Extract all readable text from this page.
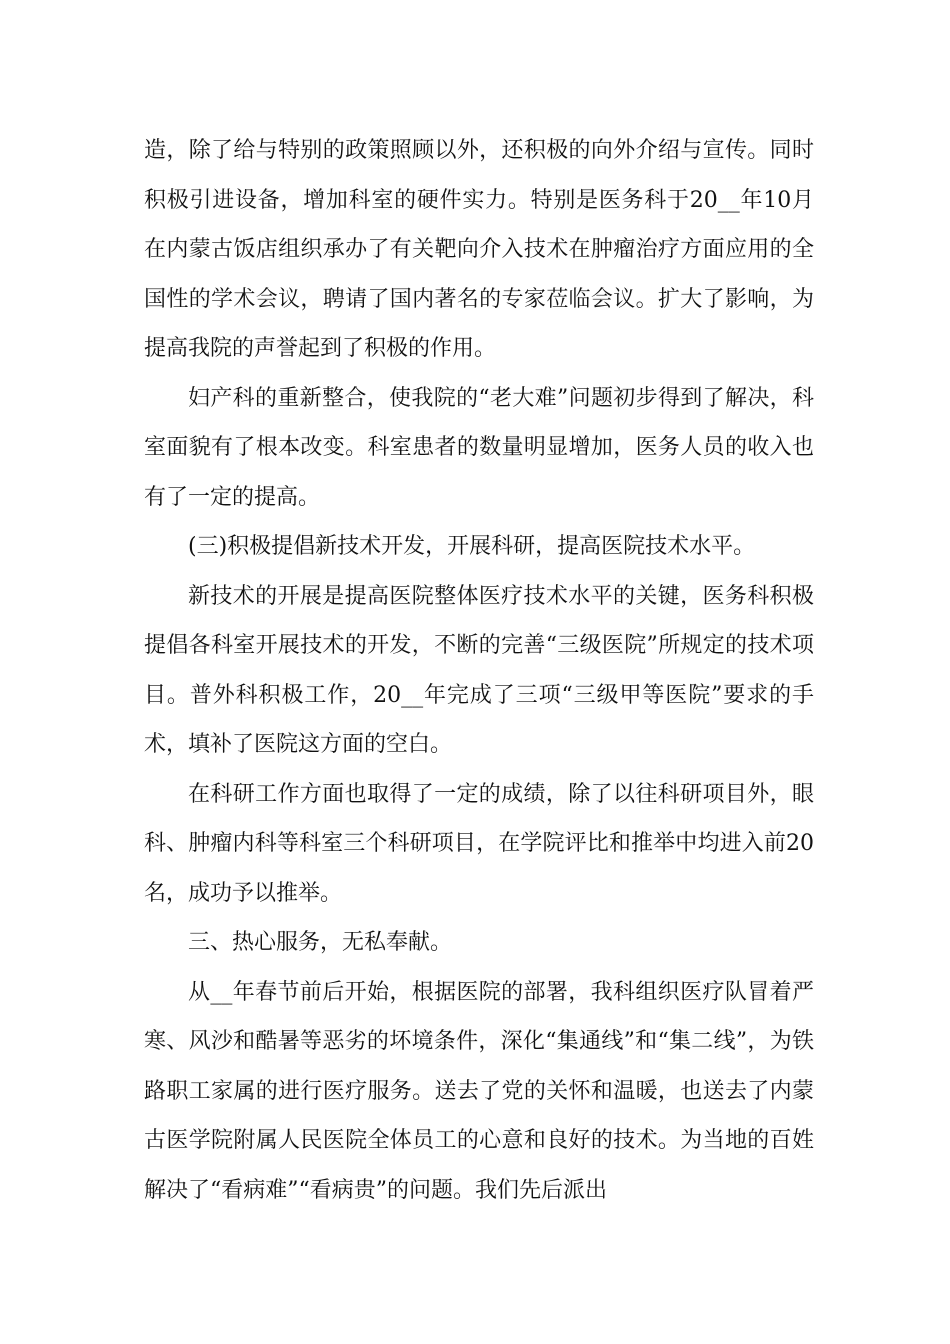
造，除了给与特别的政策照顾以外，还积极的向外介绍与宣传。同时积极引进设备，增加科室的硬件实力。特别是医务科于20__年10月在内蒙古饭店组织承办了有关靶向介入技术在肿瘤治疗方面应用的全国性的学术会议，聘请了国内著名的专家莅临会议。扩大了影响，为提高我院的声誉起到了积极的作用。

妇产科的重新整合，使我院的“老大难”问题初步得到了解决，科室面貌有了根本改变。科室患者的数量明显增加，医务人员的收入也有了一定的提高。

(三)积极提倡新技术开发，开展科研，提高医院技术水平。

新技术的开展是提高医院整体医疗技术水平的关键，医务科积极提倡各科室开展技术的开发，不断的完善“三级医院”所规定的技术项目。普外科积极工作，20__年完成了三项“三级甲等医院”要求的手术，填补了医院这方面的空白。

在科研工作方面也取得了一定的成绩，除了以往科研项目外，眼科、肿瘤内科等科室三个科研项目，在学院评比和推举中均进入前20名，成功予以推举。

三、热心服务，无私奉献。

从__年春节前后开始，根据医院的部署，我科组织医疗队冒着严寒、风沙和酷暑等恶劣的坏境条件，深化“集通线”和“集二线”，为铁路职工家属的进行医疗服务。送去了党的关怀和温暖，也送去了内蒙古医学院附属人民医院全体员工的心意和良好的技术。为当地的百姓解决了“看病难”“看病贵”的问题。我们先后派出
